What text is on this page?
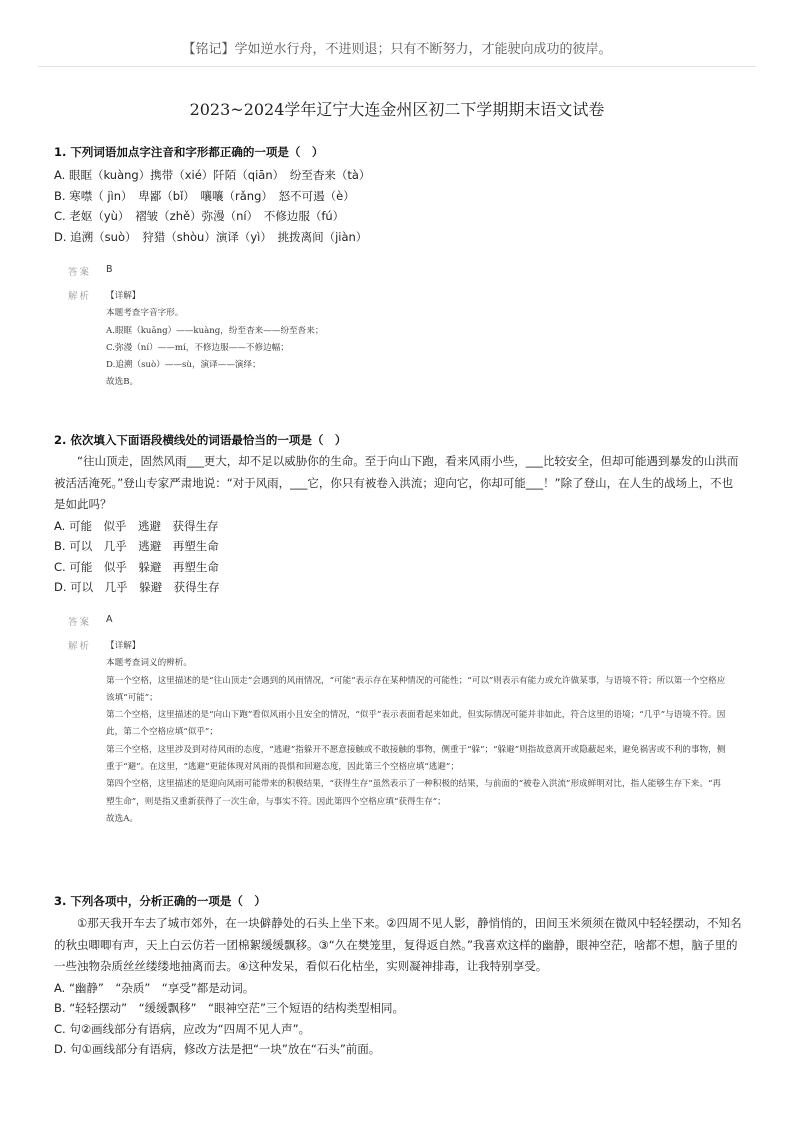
【铭记】学如逆水行舟，不进则退；只有不断努力，才能驶向成功的彼岸。
2023~2024学年辽宁大连金州区初二下学期期末语文试卷
1. 下列词语加点字注音和字形都正确的一项是（　）
A. 眼眶（kuàng）携带（xié）阡陌（qiān）　纷至杳来（tà）
B. 寒噤（ jìn）　卑鄙（bǐ）　嚷嚷（rǎng）　怒不可遏（è）
C. 老妪（yù）　褶皱（zhě）弥漫（ní）　不修边服（fú）
D. 追溯（suò）　狩猎（shòu）演译（yì）　挑拨离间（jiàn）
答案 B
解析 【详解】
本题考查字音字形。
A.眼眶（kuāng）——kuàng，纷至杳来——纷至沓来；
C.弥漫（ní）——mí，不修边服——不修边幅；
D.追溯（suò）——sù，演译——演绎；
故选B。
2. 依次填入下面语段横线处的词语最恰当的一项是（　）
“往山顶走，固然风雨___更大，却不足以威胁你的生命。至于向山下跑，看来风雨小些，___比较安全，但却可能遇到暴发的山洪而被活活淹死。”登山专家严肃地说：“对于风雨，___它，你只有被卷入洪流；迎向它，你却可能___！”除了登山，在人生的战场上，不也是如此吗？
A. 可能　似乎　逃避　获得生存
B. 可以　几乎　逃避　再塑生命
C. 可能　似乎　躲避　再塑生命
D. 可以　几乎　躲避　获得生存
答案 A
解析 【详解】
本题考查词义的辨析。
第一个空格，这里描述的是“往山顶走”会遇到的风雨情况，“可能”表示存在某种情况的可能性；“可以”则表示有能力或允许做某事，与语境不符；所以第一个空格应该填“可能”；
第二个空格，这里描述的是“向山下跑”看似风雨小且安全的情况，“似乎”表示表面看起来如此，但实际情况可能并非如此，符合这里的语境；“几乎”与语境不符。因此，第二个空格应填“似乎”；
第三个空格，这里涉及到对待风雨的态度，“逃避”指躲开不愿意接触或不敢接触的事物，侧重于“躲”；“躲避”则指故意离开或隐蔽起来，避免祸害或不利的事物，侧重于“避”。在这里，“逃避”更能体现对风雨的畏惧和回避态度，因此第三个空格应填“逃避”；
第四个空格，这里描述的是迎向风雨可能带来的积极结果，“获得生存”虽然表示了一种积极的结果，与前面的“被卷入洪流”形成鲜明对比，指人能够生存下来。“再塑生命”，则是指又重新获得了一次生命，与事实不符。因此第四个空格应填“获得生存”；
故选A。
3. 下列各项中，分析正确的一项是（　）
①那天我开车去了城市郊外，在一块僻静处的石头上坐下来。②四周不见人影，静悄悄的，田间玉米须须在微风中轻轻摆动，不知名的秋虫唧唧有声，天上白云仿若一团棉絮缓缓飘移。③“久在樊笼里，复得返自然。”我喜欢这样的幽静，眼神空茫，啥都不想，脑子里的一些浊物杂质丝丝缕缕地抽离而去。④这种发呆，看似石化枯坐，实则凝神排毒，让我特别享受。
A. “幽静”　“杂质”　“享受”都是动词。
B. “轻轻摆动”　“缓缓飘移”　“眼神空茫”三个短语的结构类型相同。
C. 句②画线部分有语病，应改为“四周不见人声”。
D. 句①画线部分有语病，修改方法是把“一块”放在“石头”前面。
